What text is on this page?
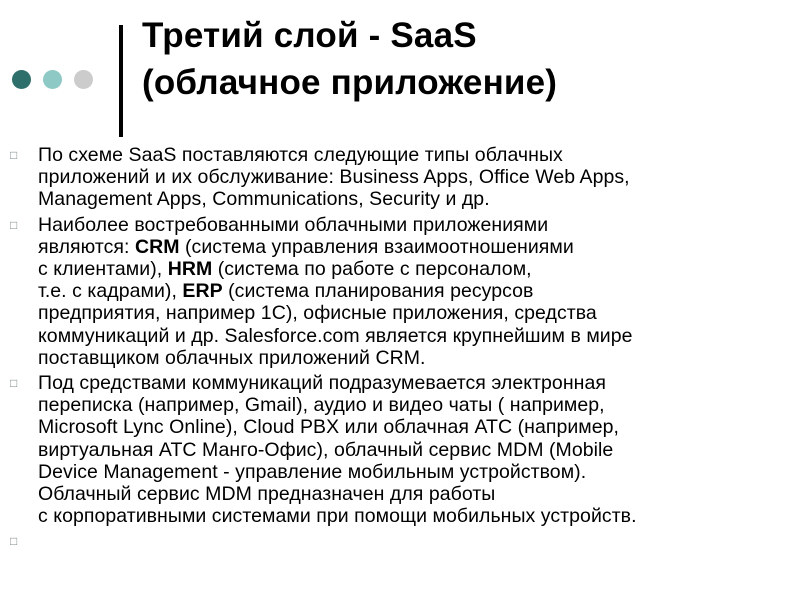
Третий слой - SaaS
(облачное приложение)
□	По схеме SaaS поставляются следующие типы облачных
приложений и их обслуживание: Business Apps, Office Web Apps,
Management Apps, Communications, Security и др.
□	Наиболее востребованными облачными приложениями
являются: CRM (система управления взаимоотношениями
с клиентами), HRM (система по работе с персоналом,
т.е. с кадрами), ERP (система планирования ресурсов
предприятия, например 1С), офисные приложения, средства
коммуникаций и др. Salesforce.com является крупнейшим в мире
поставщиком облачных приложений CRM.
□	Под средствами коммуникаций подразумевается электронная
переписка (например, Gmail), аудио и видео чаты ( например,
Microsoft Lync Online), Cloud PBX или облачная АТС (например,
виртуальная АТС Манго-Офис), облачный сервис MDM (Mobile
Device Management - управление мобильным устройством).
Облачный сервис MDM предназначен для работы
с корпоративными системами при помощи мобильных устройств.
□
